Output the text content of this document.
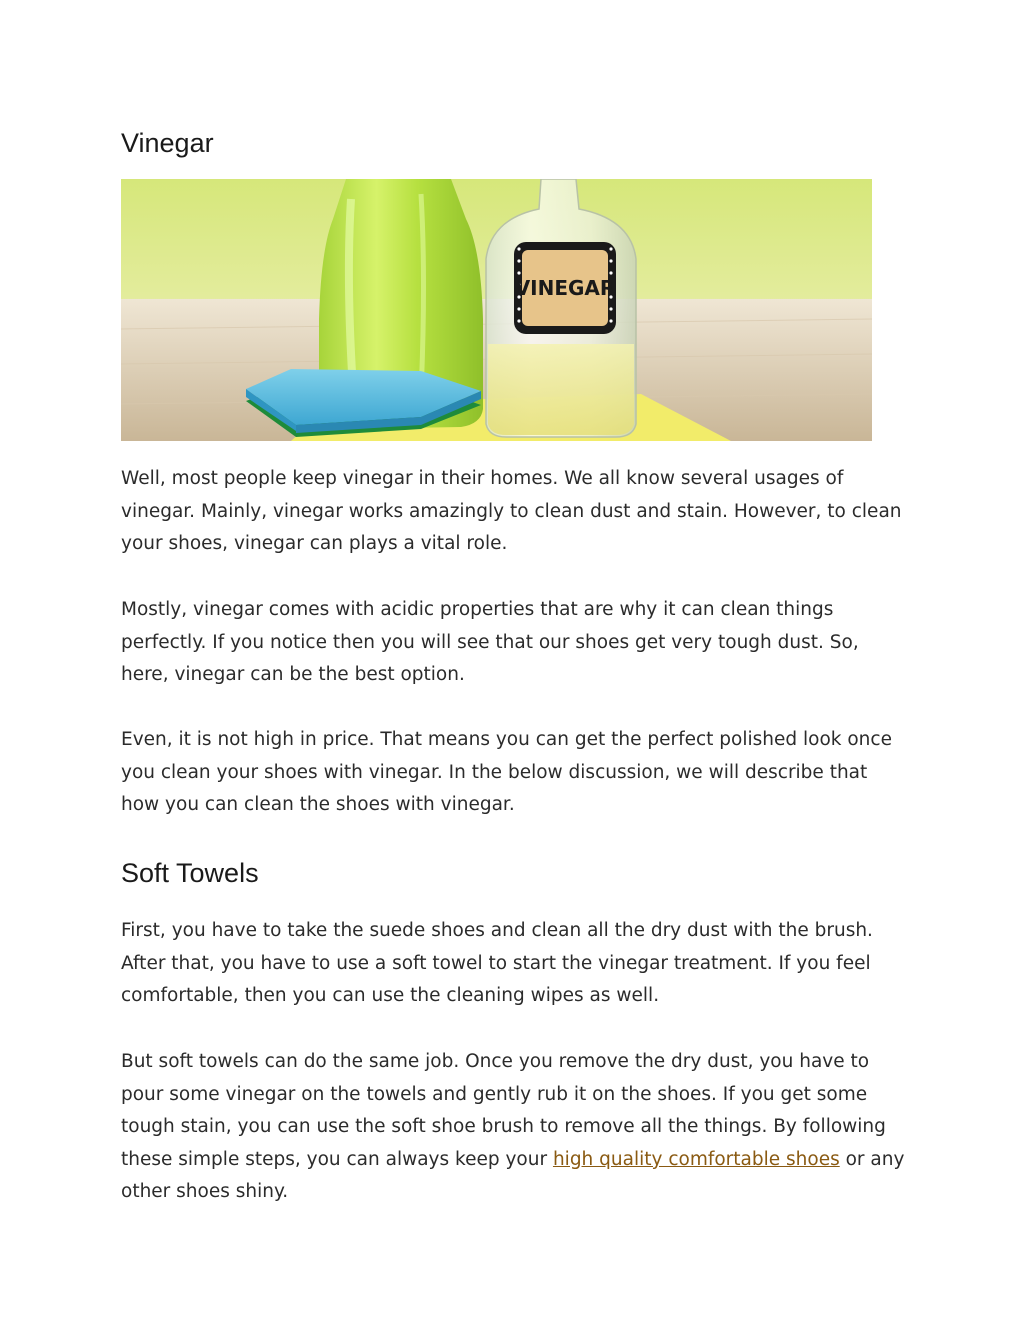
Vinegar
VINEGAR

Well, most people keep vinegar in their homes. We all know several usages of vinegar. Mainly, vinegar works amazingly to clean dust and stain. However, to clean your shoes, vinegar can plays a vital role.

Mostly, vinegar comes with acidic properties that are why it can clean things perfectly. If you notice then you will see that our shoes get very tough dust. So, here, vinegar can be the best option.

Even, it is not high in price. That means you can get the perfect polished look once you clean your shoes with vinegar. In the below discussion, we will describe that how you can clean the shoes with vinegar.

Soft Towels

First, you have to take the suede shoes and clean all the dry dust with the brush. After that, you have to use a soft towel to start the vinegar treatment. If you feel comfortable, then you can use the cleaning wipes as well.

But soft towels can do the same job. Once you remove the dry dust, you have to pour some vinegar on the towels and gently rub it on the shoes. If you get some tough stain, you can use the soft shoe brush to remove all the things. By following these simple steps, you can always keep your high quality comfortable shoes or any other shoes shiny.
